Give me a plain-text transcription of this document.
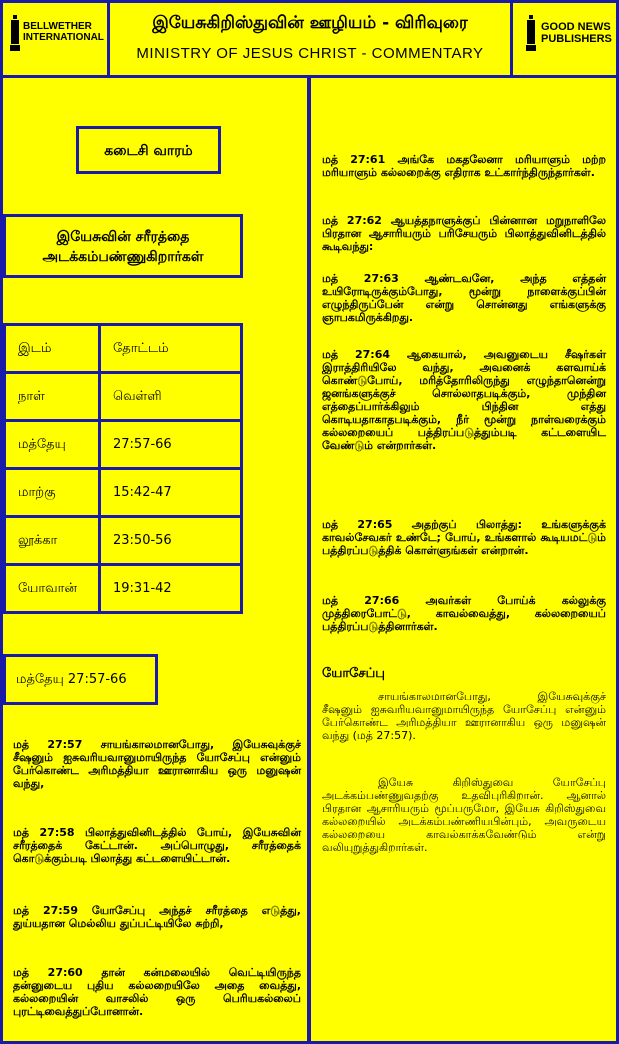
BELLWETHER INTERNATIONAL
இயேசுகிறிஸ்துவின் ஊழியம் - விரிவுரை
MINISTRY OF JESUS CHRIST - COMMENTARY
GOOD NEWS PUBLISHERS
கடைசி வாரம்
இயேசுவின் சரீரத்தை
அடக்கம்பண்ணுகிறார்கள்
இடம்	தோட்டம்
நாள்	வெள்ளி
மத்தேயு	27:57-66
மாற்கு	15:42-47
லூக்கா	23:50-56
யோவான்	19:31-42
மத்தேயு 27:57-66
மத் 27:57 சாயங்காலமானபோது, இயேசுவுக்குச் சீஷனும் ஐசுவரியவானுமாயிருந்த யோசேப்பு என்னும் பேர்கொண்ட அரிமத்தியா ஊரானாகிய ஒரு மனுஷன் வந்து,
மத் 27:58 பிலாத்துவினிடத்தில் போய், இயேசுவின் சரீரத்தைக் கேட்டான். அப்பொழுது, சரீரத்தைக் கொடுக்கும்படி பிலாத்து கட்டளையிட்டான்.
மத் 27:59 யோசேப்பு அந்தச் சரீரத்தை எடுத்து, துய்யதான மெல்லிய துப்பட்டியிலே சுற்றி,
மத் 27:60 தான் கன்மலையில் வெட்டியிருந்த தன்னுடைய புதிய கல்லறையிலே அதை வைத்து, கல்லறையின் வாசலில் ஒரு பெரியகல்லைப் புரட்டிவைத்துப்போனான்.
மத் 27:61 அங்கே மகதலேனா மரியாளும் மற்ற மரியாளும் கல்லறைக்கு எதிராக உட்கார்ந்திருந்தார்கள்.
மத் 27:62 ஆயத்தநாளுக்குப் பின்னான மறுநாளிலே பிரதான ஆசாரியரும் பரிசேயரும் பிலாத்துவினிடத்தில் கூடிவந்து:
மத் 27:63 ஆண்டவனே, அந்த எத்தன் உயிரோடிருக்கும்போது, மூன்று நாளைக்குப்பின் எழுந்திருப்பேன் என்று சொன்னது எங்களுக்கு ஞாபகமிருக்கிறது.
மத் 27:64 ஆகையால், அவனுடைய சீஷர்கள் இராத்திரியிலே வந்து, அவனைக் களவாய்க் கொண்டுபோய், மரித்தோரிலிருந்து எழுந்தானென்று ஜனங்களுக்குச் சொல்லாதபடிக்கும், முந்தின எத்தைப்பார்க்கிலும் பிந்தின எத்து கொடியதாகாதபடிக்கும், நீர் மூன்று நாள்வரைக்கும் கல்லறையைப் பத்திரப்படுத்தும்படி கட்டளையிட வேண்டும் என்றார்கள்.
மத் 27:65 அதற்குப் பிலாத்து: உங்களுக்குக் காவல்சேவகர் உண்டே; போய், உங்களால் கூடியமட்டும் பத்திரப்படுத்திக் கொள்ளுங்கள் என்றான்.
மத் 27:66 அவர்கள் போய்க் கல்லுக்கு முத்திரைபோட்டு, காவல்வைத்து, கல்லறையைப் பத்திரப்படுத்தினார்கள்.
யோசேப்பு
சாயங்காலமானபோது, இயேசுவுக்குச் சீஷனும் ஐசுவரியவானுமாயிருந்த யோசேப்பு என்னும் பேர்கொண்ட அரிமத்தியா ஊரானாகிய ஒரு மனுஷன் வந்து (மத் 27:57).
இயேசு கிறிஸ்துவை யோசேப்பு அடக்கம்பண்ணுவதற்கு உதவிபுரிகிறான். ஆனால் பிரதான ஆசாரியரும் மூப்பருமோ, இயேசு கிறிஸ்துவை கல்லறையில் அடக்கம்பண்ணியபின்பும், அவருடைய கல்லறையை காவல்காக்கவேண்டும் என்று வலியுறுத்துகிறார்கள்.
